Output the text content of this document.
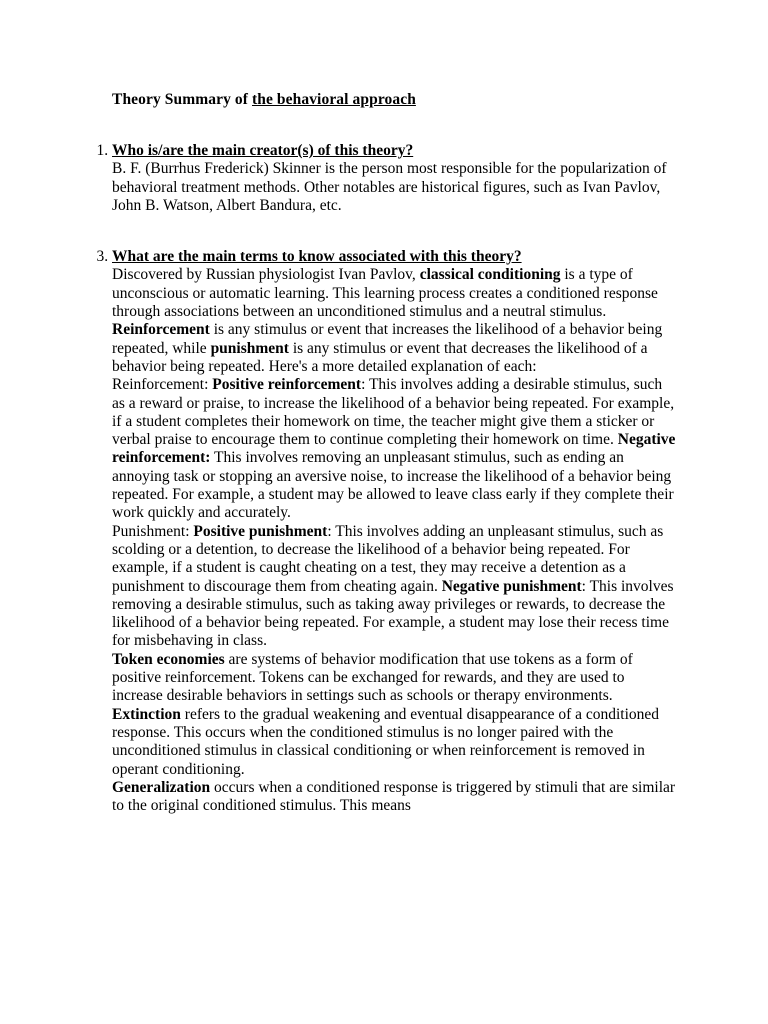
Theory Summary of the behavioral approach
1. Who is/are the main creator(s) of this theory?
B. F. (Burrhus Frederick) Skinner is the person most responsible for the popularization of behavioral treatment methods. Other notables are historical figures, such as Ivan Pavlov, John B. Watson, Albert Bandura, etc.
3. What are the main terms to know associated with this theory?
Discovered by Russian physiologist Ivan Pavlov, classical conditioning is a type of unconscious or automatic learning. This learning process creates a conditioned response through associations between an unconditioned stimulus and a neutral stimulus.
Reinforcement is any stimulus or event that increases the likelihood of a behavior being repeated, while punishment is any stimulus or event that decreases the likelihood of a behavior being repeated. Here's a more detailed explanation of each:
Reinforcement: Positive reinforcement: This involves adding a desirable stimulus, such as a reward or praise, to increase the likelihood of a behavior being repeated. For example, if a student completes their homework on time, the teacher might give them a sticker or verbal praise to encourage them to continue completing their homework on time. Negative reinforcement: This involves removing an unpleasant stimulus, such as ending an annoying task or stopping an aversive noise, to increase the likelihood of a behavior being repeated. For example, a student may be allowed to leave class early if they complete their work quickly and accurately.
Punishment: Positive punishment: This involves adding an unpleasant stimulus, such as scolding or a detention, to decrease the likelihood of a behavior being repeated. For example, if a student is caught cheating on a test, they may receive a detention as a punishment to discourage them from cheating again. Negative punishment: This involves removing a desirable stimulus, such as taking away privileges or rewards, to decrease the likelihood of a behavior being repeated. For example, a student may lose their recess time for misbehaving in class.
Token economies are systems of behavior modification that use tokens as a form of positive reinforcement. Tokens can be exchanged for rewards, and they are used to increase desirable behaviors in settings such as schools or therapy environments.
Extinction refers to the gradual weakening and eventual disappearance of a conditioned response. This occurs when the conditioned stimulus is no longer paired with the unconditioned stimulus in classical conditioning or when reinforcement is removed in operant conditioning.
Generalization occurs when a conditioned response is triggered by stimuli that are similar to the original conditioned stimulus. This means
